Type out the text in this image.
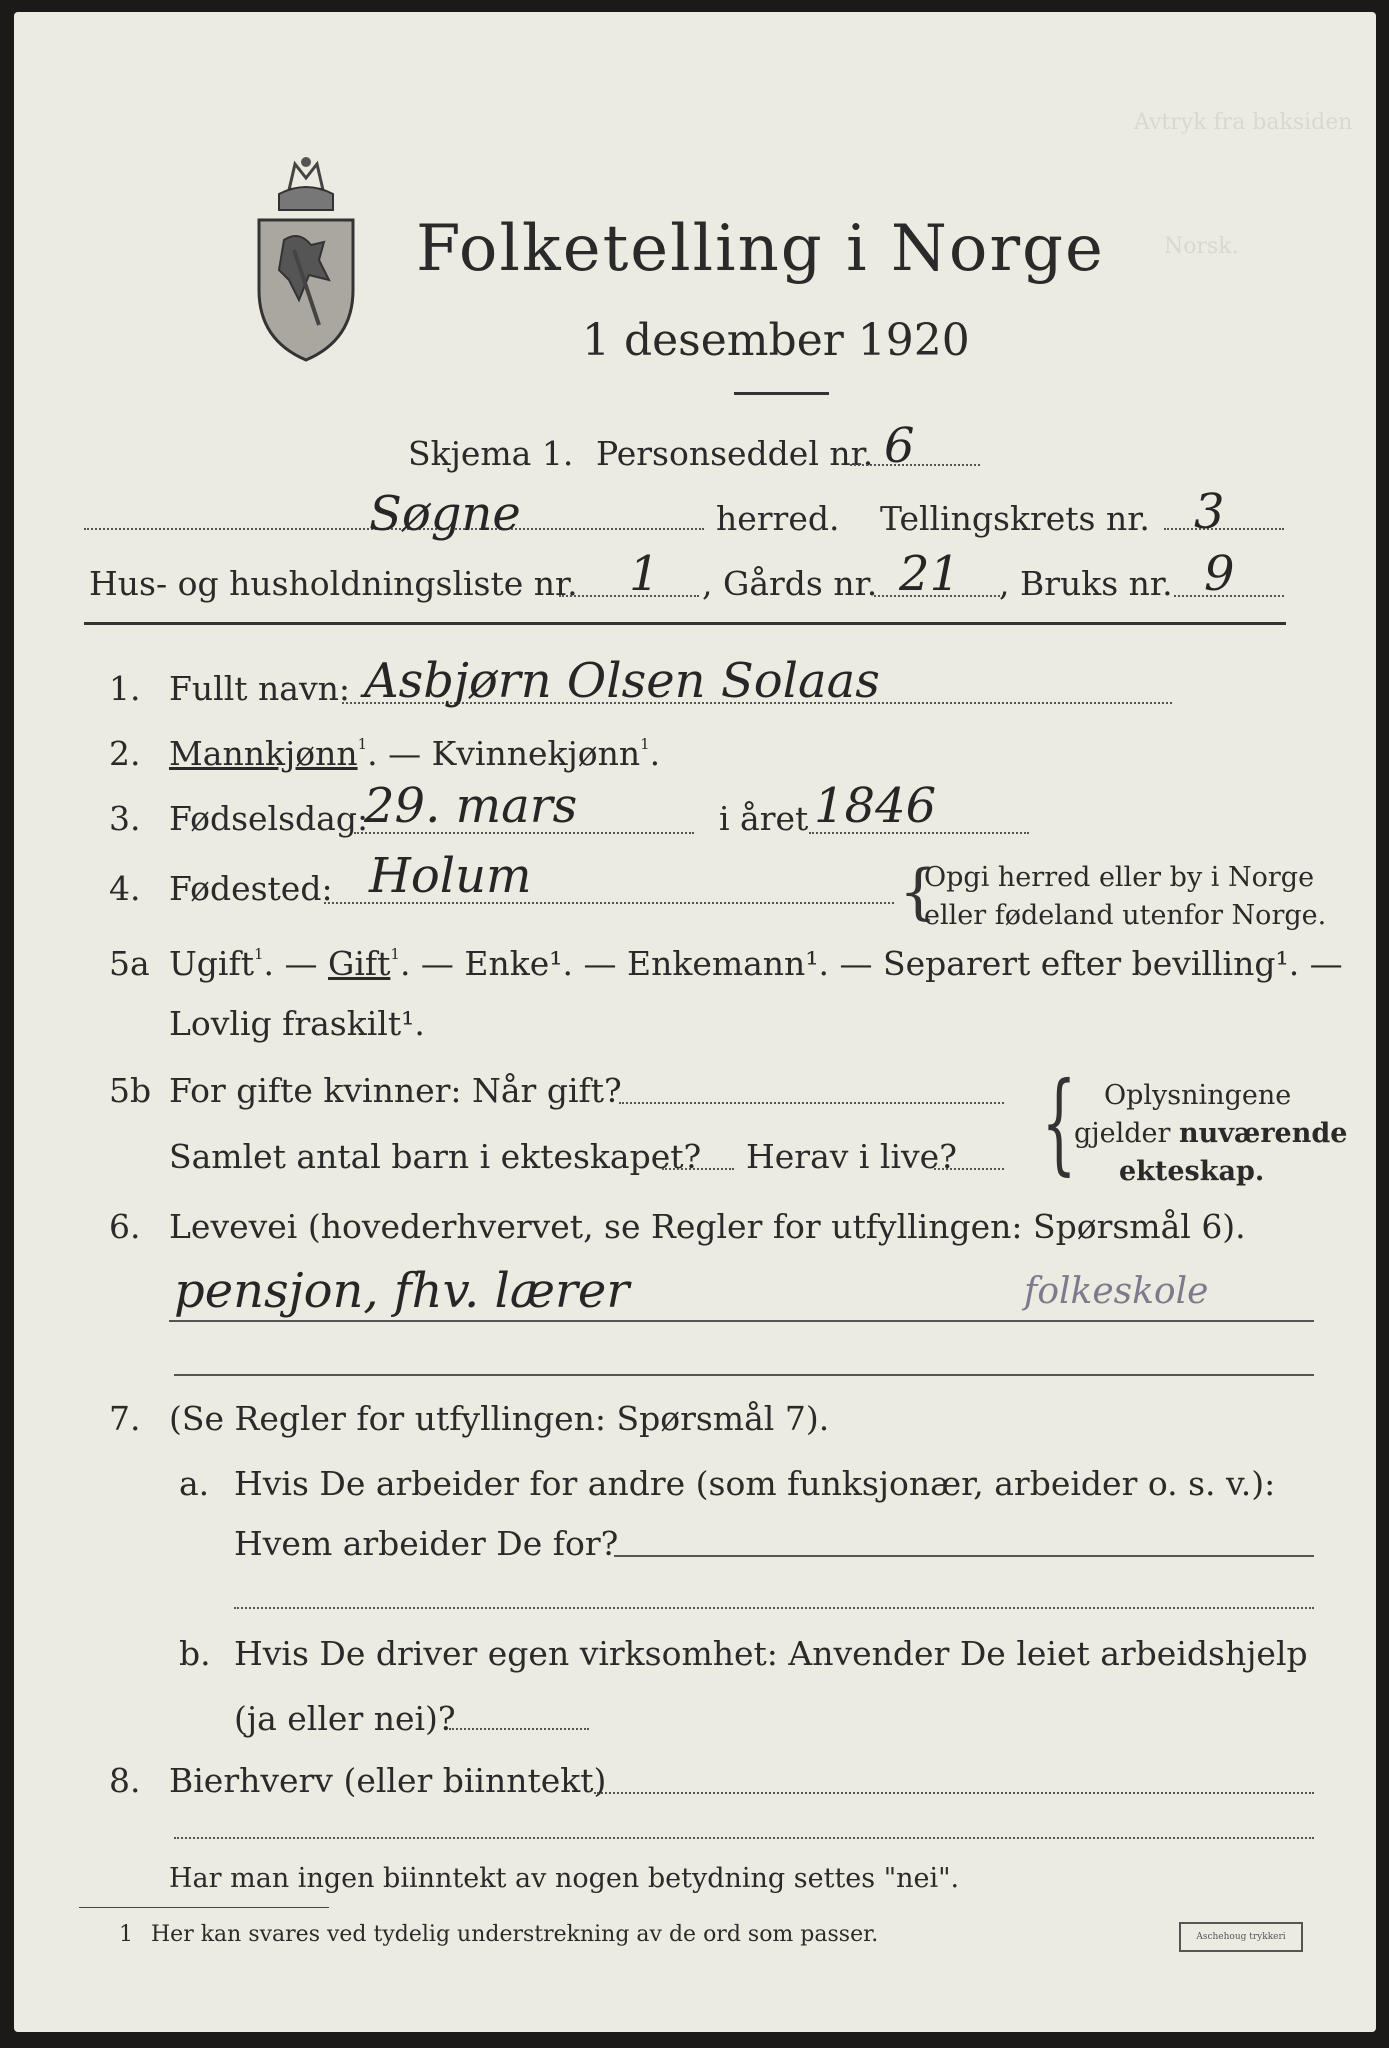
Avtryk fra baksiden
Norsk.
Folketelling i Norge
1 desember 1920
Skjema 1. Personseddel nr. 6
Søgne	herred. Tellingskrets nr. 3
Hus- og husholdningsliste nr. 1 , Gårds nr. 21 , Bruks nr. 9
1. Fullt navn: Asbjørn Olsen Solaas
2. Mannkjønn$^1$. — Kvinnekjønn$^1$.
3. Fødselsdag:
29. mars	i året 1846
4. Fødested: Holum	{
Opgi herred eller by i Norge
eller fødeland utenfor Norge.
5a Ugift$^1$. — Gift$^1$. — Enke¹. — Enkemann¹. — Separert efter bevilling¹. —
Lovlig fraskilt¹.
5b For gifte kvinner: Når gift?
Samlet antal barn i ekteskapet? Herav i live? { Oplysningene
gjelder nuværende
ekteskap.
6. Levevei (hovederhvervet, se Regler for utfyllingen: Spørsmål 6).
pensjon, fhv. lærer	folkeskole
7. (Se Regler for utfyllingen: Spørsmål 7).
a. Hvis De arbeider for andre (som funksjonær, arbeider o. s. v.):
Hvem arbeider De for?
b. Hvis De driver egen virksomhet: Anvender De leiet arbeidshjelp
(ja eller nei)?
8. Bierhverv (eller biinntekt)
Har man ingen biinntekt av nogen betydning settes "nei".
1 Her kan svares ved tydelig understrekning av de ord som passer.	Aschehoug trykkeri
